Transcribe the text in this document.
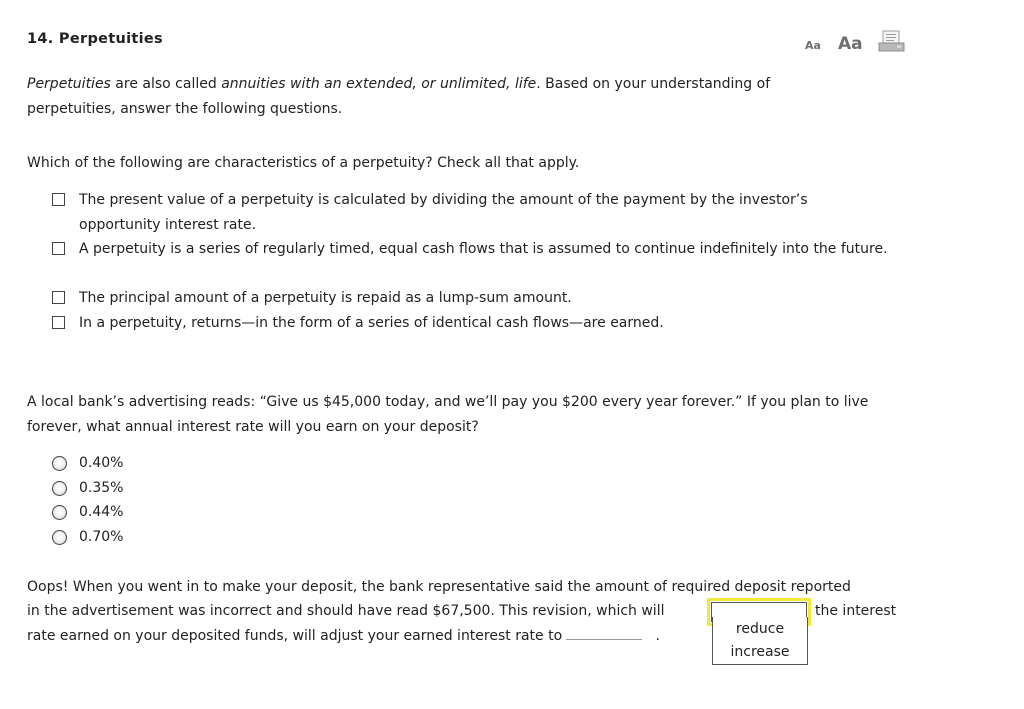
14. Perpetuities	Aa Aa

Perpetuities are also called annuities with an extended, or unlimited, life. Based on your understanding of perpetuities, answer the following questions.

Which of the following are characteristics of a perpetuity? Check all that apply.

The present value of a perpetuity is calculated by dividing the amount of the payment by the investor’s opportunity interest rate.
A perpetuity is a series of regularly timed, equal cash flows that is assumed to continue indefinitely into the future.
The principal amount of a perpetuity is repaid as a lump-sum amount.
In a perpetuity, returns—in the form of a series of identical cash flows—are earned.

A local bank’s advertising reads: “Give us $45,000 today, and we’ll pay you $200 every year forever.” If you plan to live forever, what annual interest rate will you earn on your deposit?

0.40%
0.35%
0.44%
0.70%

Oops! When you went in to make your deposit, the bank representative said the amount of required deposit reported

in the advertisement was incorrect and should have read $67,500. This revision, which will	the interest

rate earned on your deposited funds, will adjust your earned interest rate to	.	reduce
increase
